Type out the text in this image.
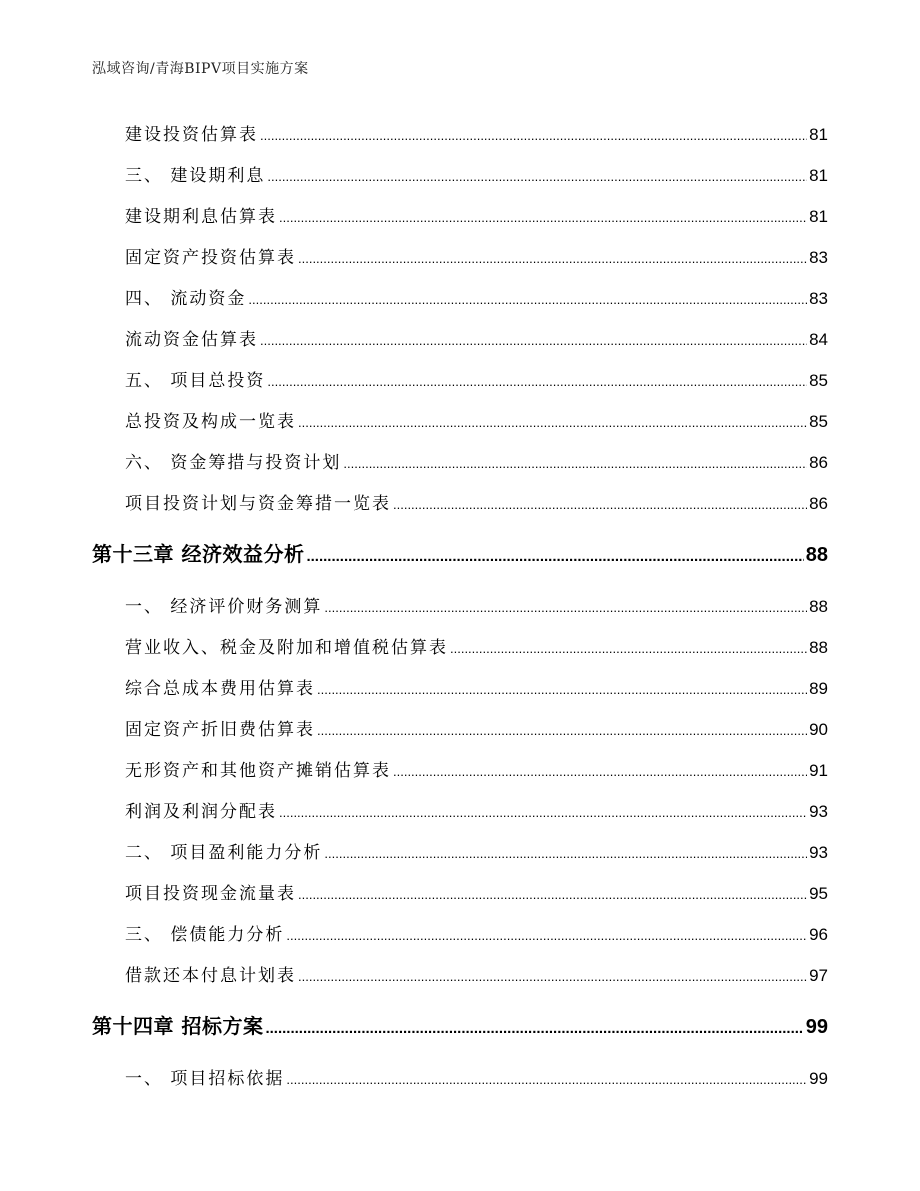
泓域咨询/青海BIPV项目实施方案
建设投资估算表 .....	81
三、 建设期利息 .....	81
建设期利息估算表 .....	81
固定资产投资估算表 .....	83
四、 流动资金 .....	83
流动资金估算表 .....	84
五、 项目总投资 .....	85
总投资及构成一览表 .....	85
六、 资金筹措与投资计划 .....	86
项目投资计划与资金筹措一览表 .....	86
第十三章 经济效益分析 .....	88
一、 经济评价财务测算 .....	88
营业收入、税金及附加和增值税估算表 .....	88
综合总成本费用估算表 .....	89
固定资产折旧费估算表 .....	90
无形资产和其他资产摊销估算表 .....	91
利润及利润分配表 .....	93
二、 项目盈利能力分析 .....	93
项目投资现金流量表 .....	95
三、 偿债能力分析 .....	96
借款还本付息计划表 .....	97
第十四章 招标方案 .....	99
一、 项目招标依据 .....	99
